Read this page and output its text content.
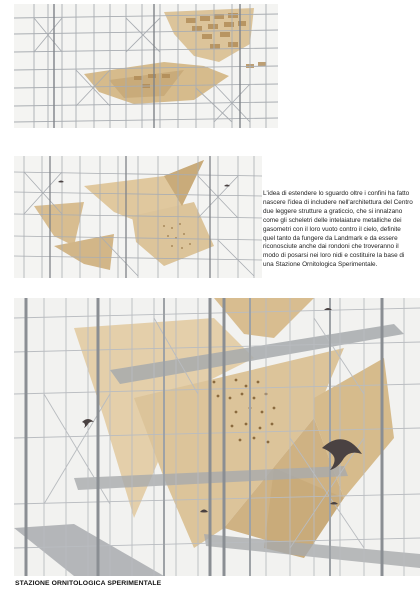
L'idea di estendere lo sguardo oltre i confini ha fatto nascere l'idea di includere nell'architettura del Centro due leggere strutture a graticcio, che si innalzano come gli scheletri delle intelaiature metalliche dei gasometri con il loro vuoto contro il cielo, definite quel tanto da fungere da Landmark e da essere riconosciute anche dai rondoni che troveranno il modo di posarsi nei loro nidi e costituire la base di una Stazione Ornitologica Sperimentale.
STAZIONE ORNITOLOGICA SPERIMENTALE
